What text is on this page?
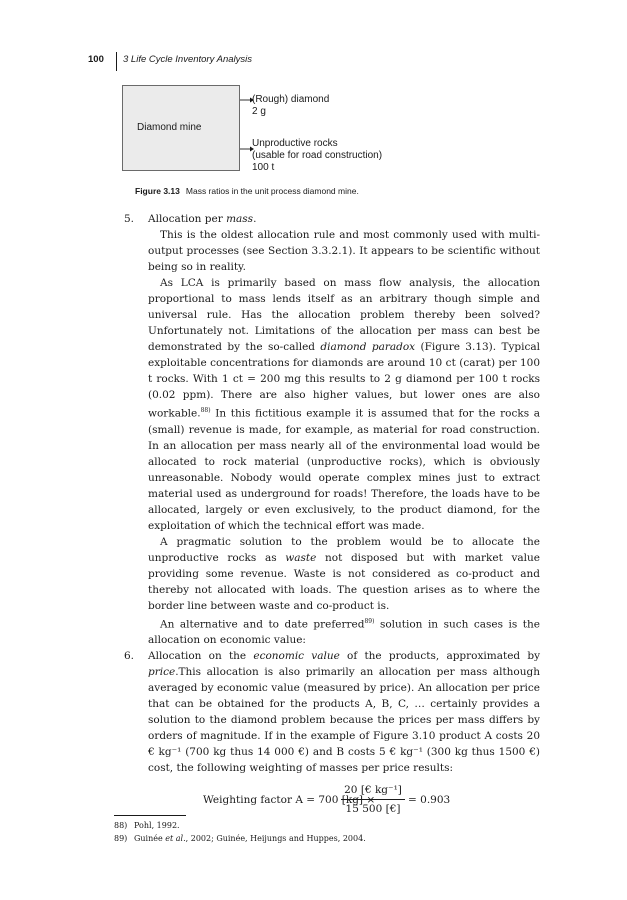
100 3 Life Cycle Inventory Analysis
Diamond mine
(Rough) diamond
2 g
Unproductive rocks
(usable for road construction)
100 t
Figure 3.13 Mass ratios in the unit process diamond mine.
5. Allocation per mass.

This is the oldest allocation rule and most commonly used with multi-output processes (see Section 3.3.2.1). It appears to be scientific without being so in reality.

As LCA is primarily based on mass flow analysis, the allocation proportional to mass lends itself as an arbitrary though simple and universal rule. Has the allocation problem thereby been solved? Unfortunately not. Limitations of the allocation per mass can best be demonstrated by the so-called diamond paradox (Figure 3.13). Typical exploitable concentrations for diamonds are around 10 ct (carat) per 100 t rocks. With 1 ct = 200 mg this results to 2 g diamond per 100 t rocks (0.02 ppm). There are also higher values, but lower ones are also workable.$^{88)}$ In this fictitious example it is assumed that for the rocks a (small) revenue is made, for example, as material for road construction. In an allocation per mass nearly all of the environmental load would be allocated to rock material (unproductive rocks), which is obviously unreasonable. Nobody would operate complex mines just to extract material used as underground for roads! Therefore, the loads have to be allocated, largely or even exclusively, to the product diamond, for the exploitation of which the technical effort was made.

A pragmatic solution to the problem would be to allocate the unproductive rocks as waste not disposed but with market value providing some revenue. Waste is not considered as co-product and thereby not allocated with loads. The question arises as to where the border line between waste and co-product is.

An alternative and to date preferred$^{89)}$ solution in such cases is the allocation on economic value:

6. Allocation on the economic value of the products, approximated by price.This allocation is also primarily an allocation per mass although averaged by economic value (measured by price). An allocation per price that can be obtained for the products A, B, C, … certainly provides a solution to the diamond problem because the prices per mass differs by orders of magnitude. If in the example of Figure 3.10 product A costs 20 € kg⁻¹ (700 kg thus 14 000 €) and B costs 5 € kg⁻¹ (300 kg thus 1500 €) cost, the following weighting of masses per price results:

Weighting factor A = 700 [kg] ×
$\frac{\text{20 [€ kg⁻¹]}}{15 500 [€]} = 0.903$
88) Pohl, 1992.
89) Guinée et al., 2002; Guinée, Heijungs and Huppes, 2004.
